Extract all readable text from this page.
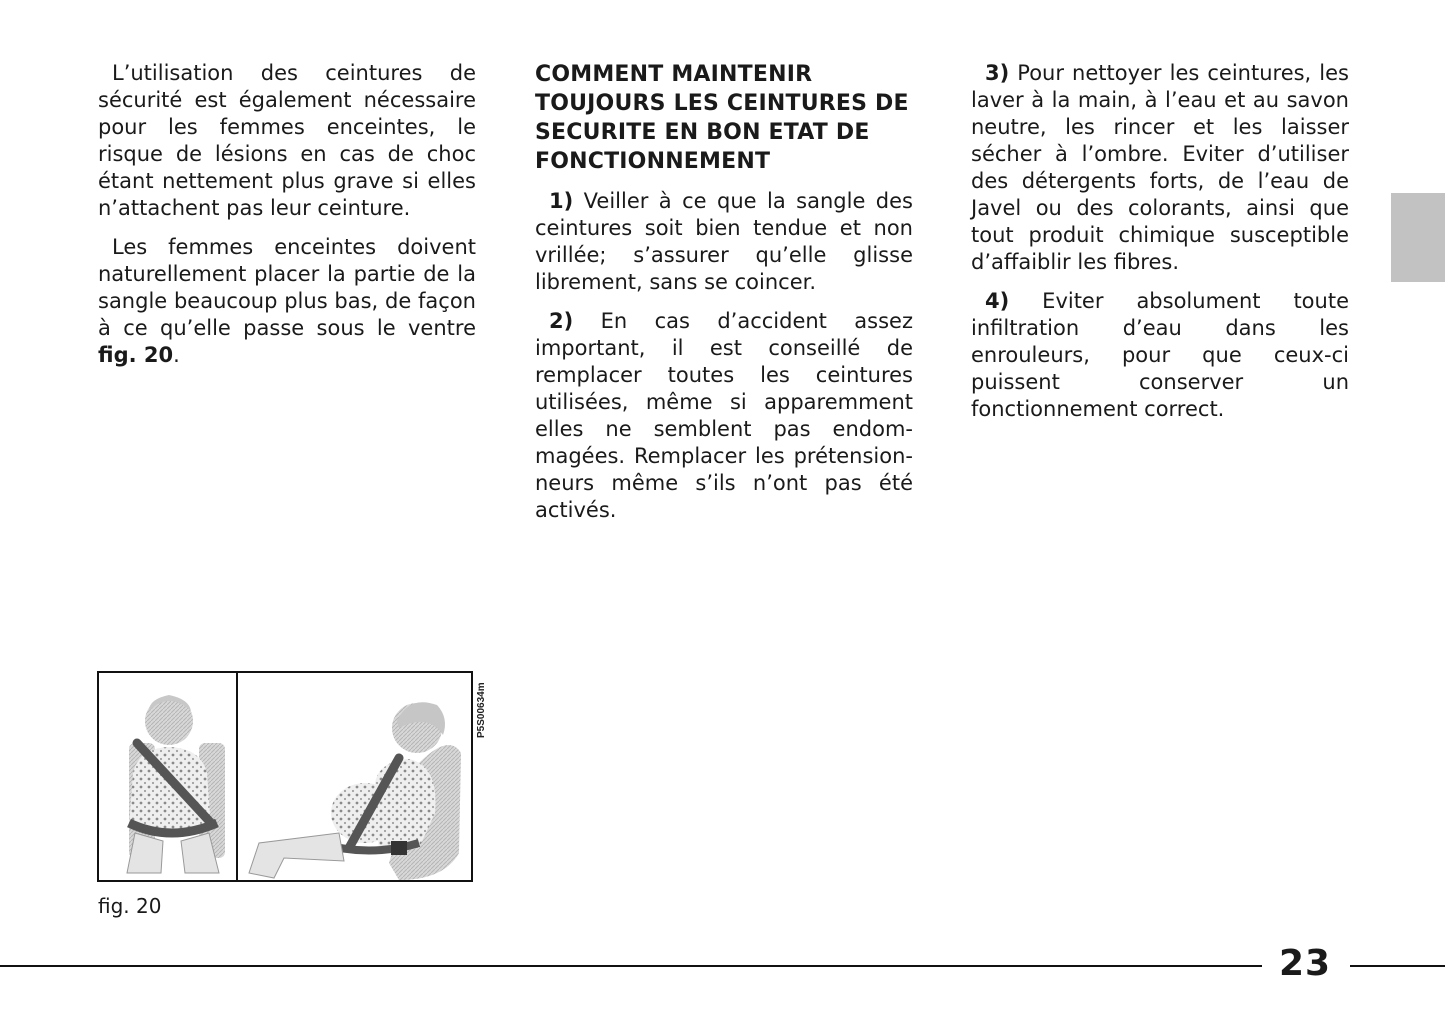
L’utilisation des ceintures de sécurité est également nécessaire pour les femmes enceintes, le risque de lésions en cas de choc étant nettement plus grave si elles n’attachent pas leur ceinture.

Les femmes enceintes doivent naturellement placer la partie de la sangle beaucoup plus bas, de façon à ce qu’elle passe sous le ventre fig. 20.

COMMENT MAINTENIR TOUJOURS LES CEINTURES DE SECURITE EN BON ETAT DE FONCTIONNEMENT

1) Veiller à ce que la sangle des ceintures soit bien tendue et non vrillée; s’assurer qu’elle glisse librement, sans se coincer.

2) En cas d’accident assez important, il est conseillé de remplacer toutes les ceintures utilisées, même si apparemment elles ne semblent pas endommagées. Remplacer les prétensionneurs même s’ils n’ont pas été activés.

3) Pour nettoyer les ceintures, les laver à la main, à l’eau et au savon neutre, les rincer et les laisser sécher à l’ombre. Eviter d’utiliser des détergents forts, de l’eau de Javel ou des colorants, ainsi que tout produit chimique susceptible d’affaiblir les fibres.

4) Eviter absolument toute infiltration d’eau dans les enrouleurs, pour que ceux-ci puissent conserver un fonctionnement correct.

P5S00634m
fig. 20
23
